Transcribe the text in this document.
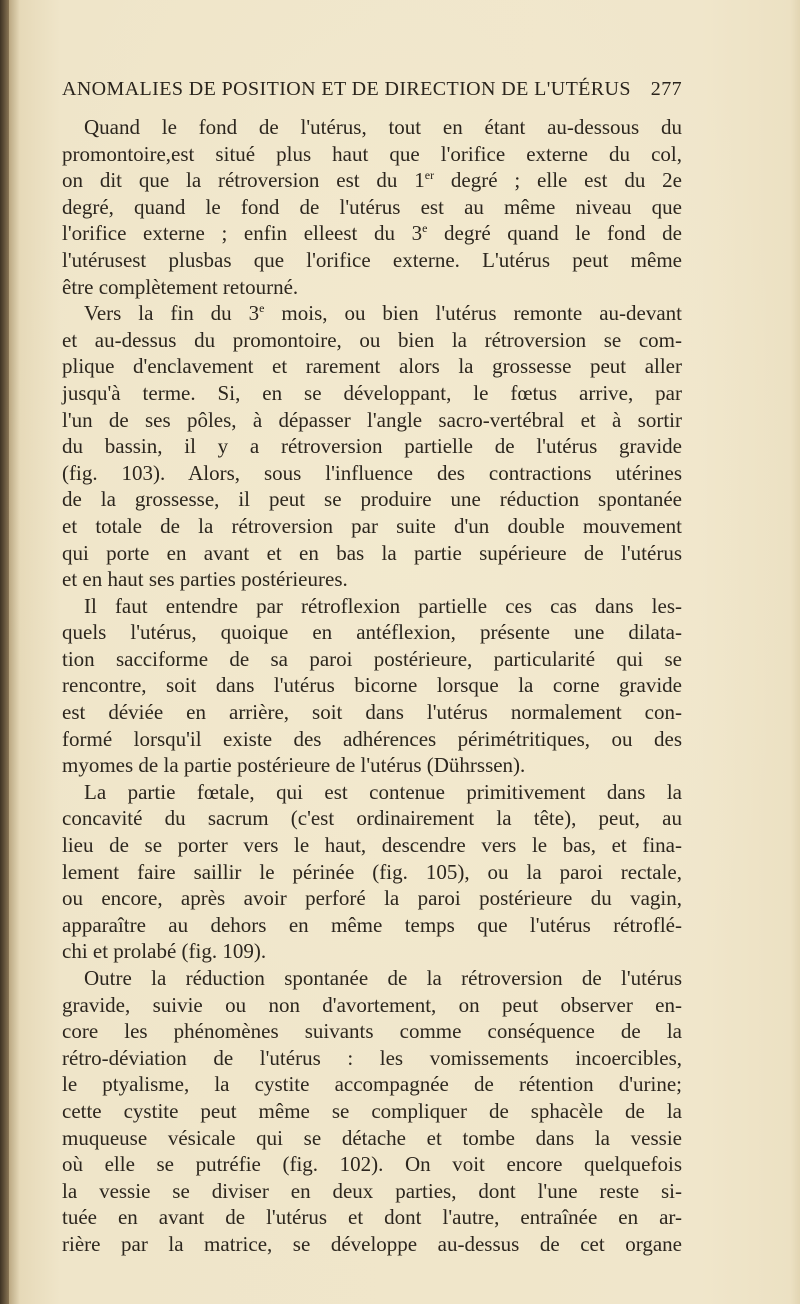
ANOMALIES DE POSITION ET DE DIRECTION DE L'UTÉRUS 277
Quand le fond de l'utérus, tout en étant au-dessous du
promontoire,est situé plus haut que l'orifice externe du col,
on dit que la rétroversion est du 1er degré ; elle est du 2e
degré, quand le fond de l'utérus est au même niveau que
l'orifice externe ; enfin elleest du 3e degré quand le fond de
l'utérusest plusbas que l'orifice externe. L'utérus peut même
être complètement retourné.
Vers la fin du 3e mois, ou bien l'utérus remonte au-devant
et au-dessus du promontoire, ou bien la rétroversion se com-
plique d'enclavement et rarement alors la grossesse peut aller
jusqu'à terme. Si, en se développant, le fœtus arrive, par
l'un de ses pôles, à dépasser l'angle sacro-vertébral et à sortir
du bassin, il y a rétroversion partielle de l'utérus gravide
(fig. 103). Alors, sous l'influence des contractions utérines
de la grossesse, il peut se produire une réduction spontanée
et totale de la rétroversion par suite d'un double mouvement
qui porte en avant et en bas la partie supérieure de l'utérus
et en haut ses parties postérieures.
Il faut entendre par rétroflexion partielle ces cas dans les-
quels l'utérus, quoique en antéflexion, présente une dilata-
tion sacciforme de sa paroi postérieure, particularité qui se
rencontre, soit dans l'utérus bicorne lorsque la corne gravide
est déviée en arrière, soit dans l'utérus normalement con-
formé lorsqu'il existe des adhérences périmétritiques, ou des
myomes de la partie postérieure de l'utérus (Dührssen).
La partie fœtale, qui est contenue primitivement dans la
concavité du sacrum (c'est ordinairement la tête), peut, au
lieu de se porter vers le haut, descendre vers le bas, et fina-
lement faire saillir le périnée (fig. 105), ou la paroi rectale,
ou encore, après avoir perforé la paroi postérieure du vagin,
apparaître au dehors en même temps que l'utérus rétroflé-
chi et prolabé (fig. 109).
Outre la réduction spontanée de la rétroversion de l'utérus
gravide, suivie ou non d'avortement, on peut observer en-
core les phénomènes suivants comme conséquence de la
rétro-déviation de l'utérus : les vomissements incoercibles,
le ptyalisme, la cystite accompagnée de rétention d'urine;
cette cystite peut même se compliquer de sphacèle de la
muqueuse vésicale qui se détache et tombe dans la vessie
où elle se putréfie (fig. 102). On voit encore quelquefois
la vessie se diviser en deux parties, dont l'une reste si-
tuée en avant de l'utérus et dont l'autre, entraînée en ar-
rière par la matrice, se développe au-dessus de cet organe
